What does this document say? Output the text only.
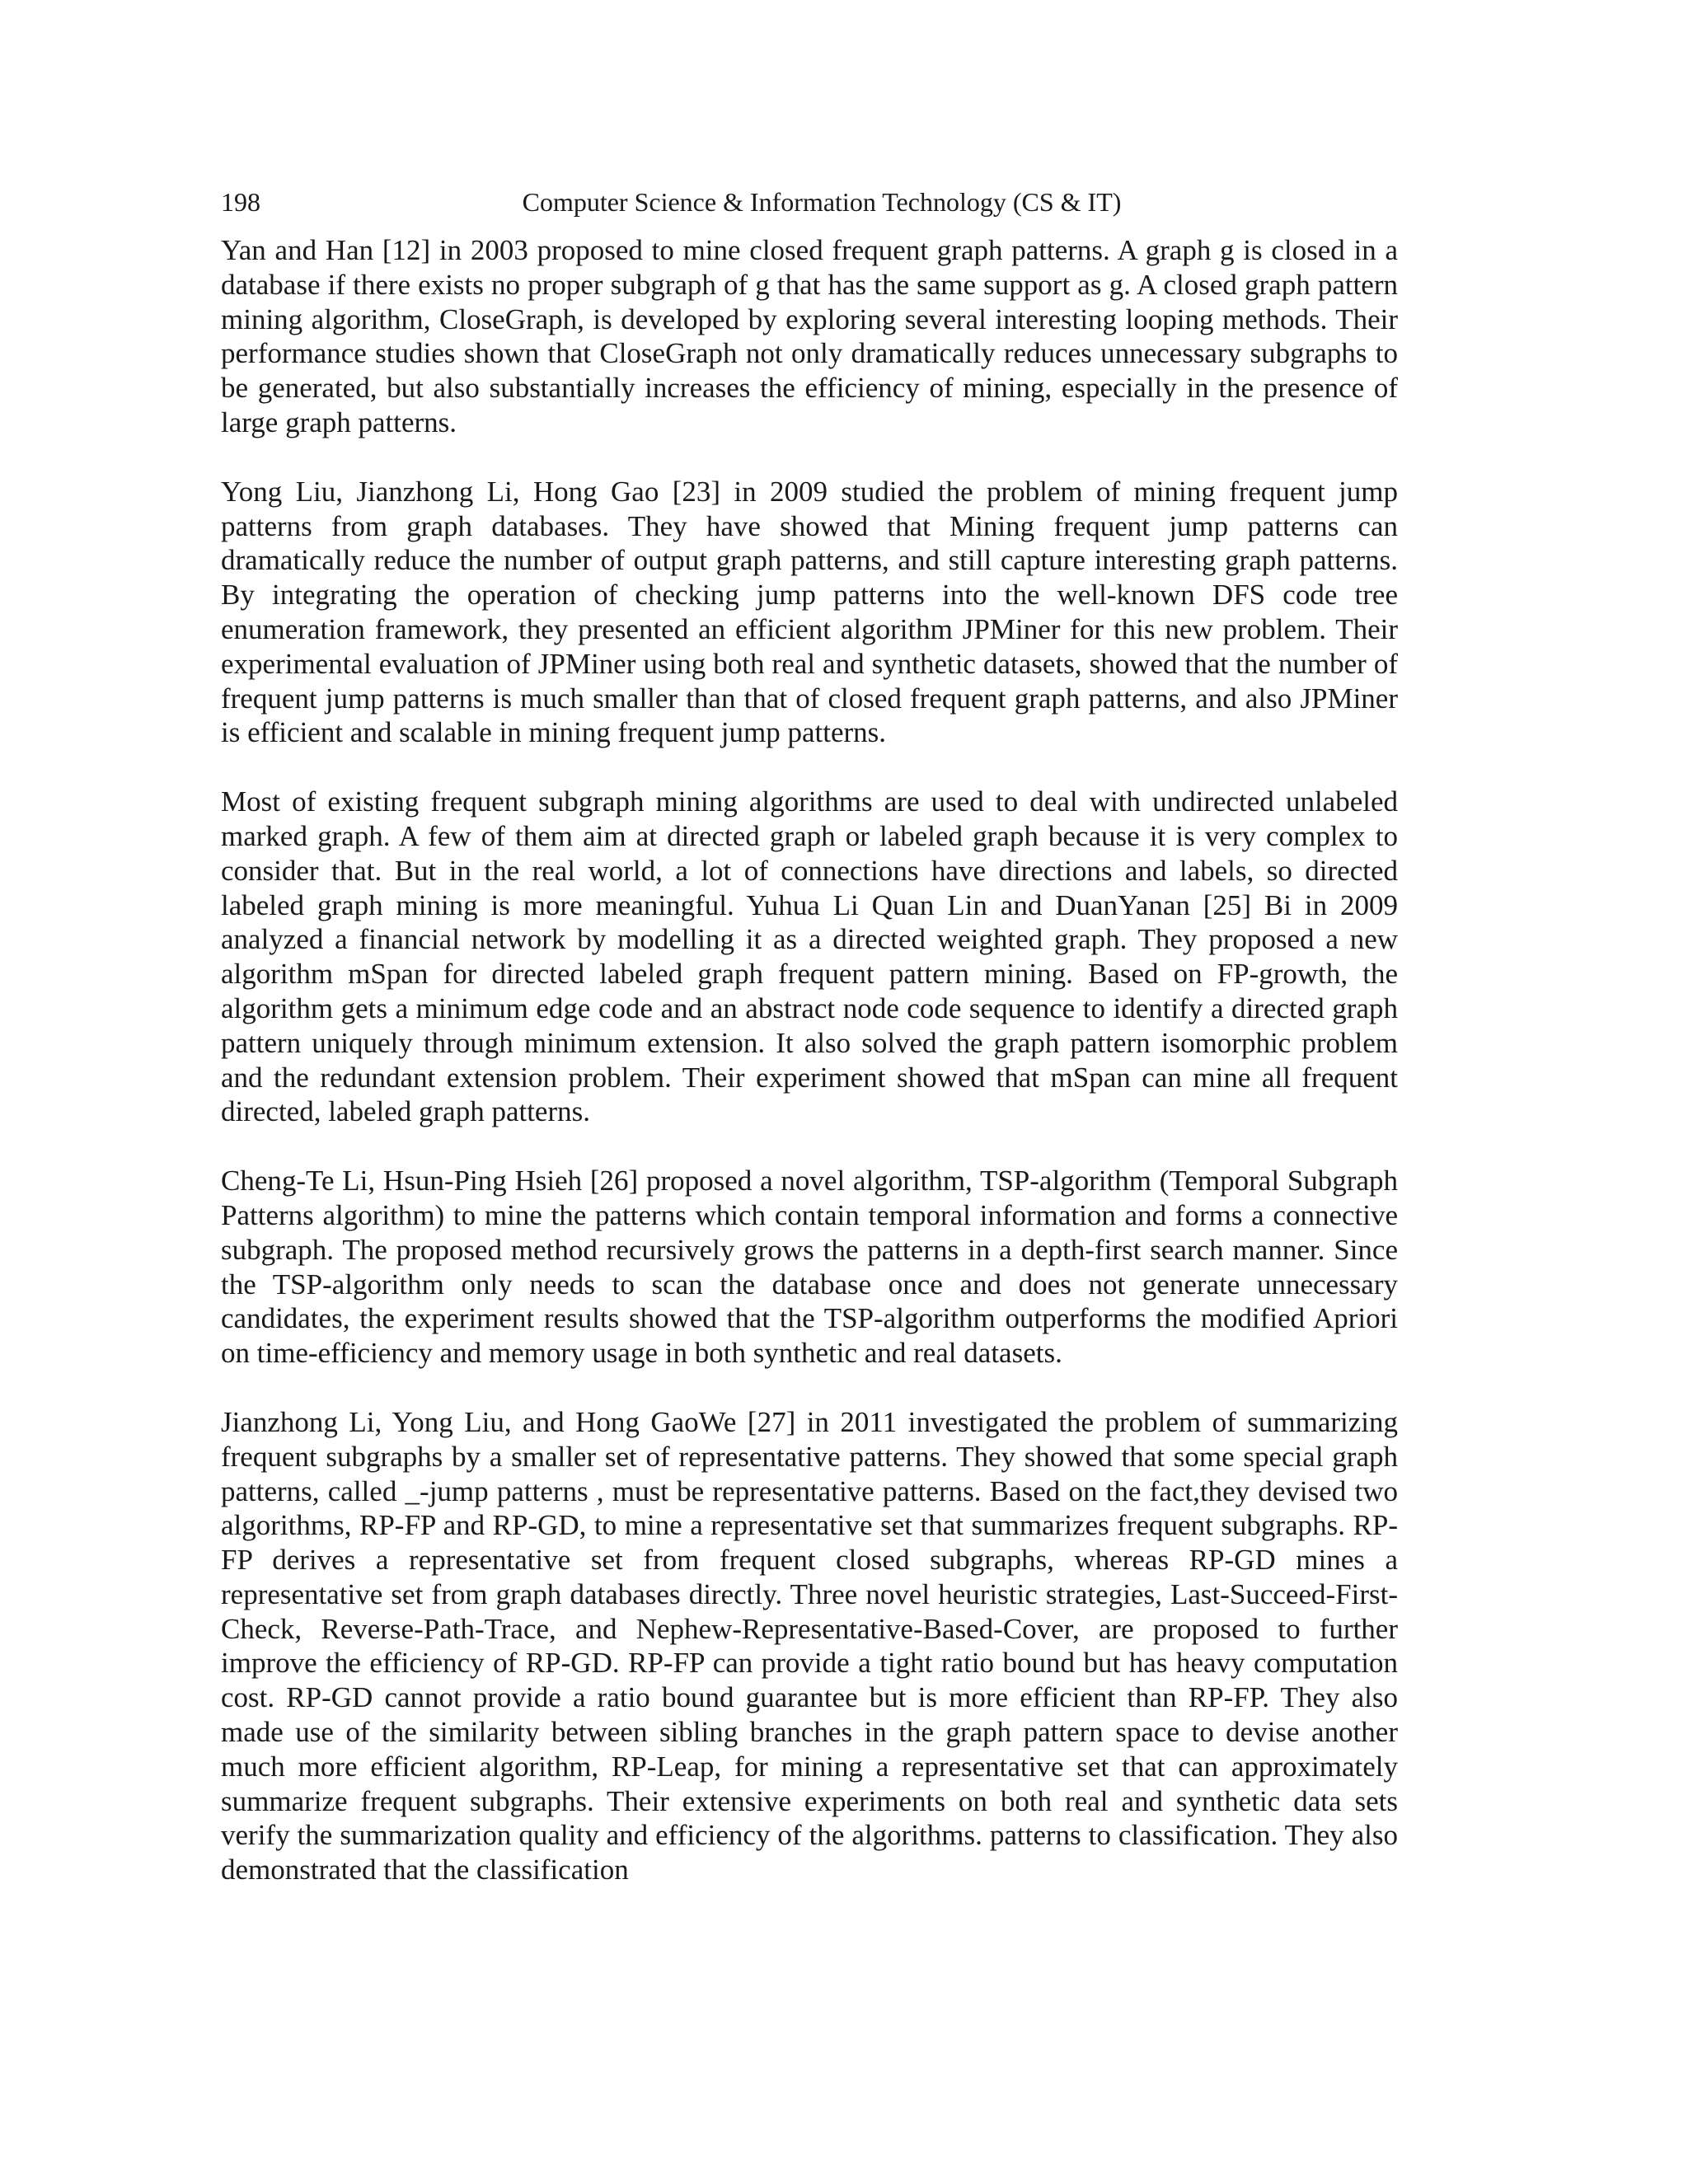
198	Computer Science & Information Technology (CS & IT)

Yan and Han [12] in 2003 proposed to mine closed frequent graph patterns. A graph g is closed in a database if there exists no proper subgraph of g that has the same support as g. A closed graph pattern mining algorithm, CloseGraph, is developed by exploring several interesting looping methods. Their performance studies shown that CloseGraph not only dramatically reduces unnecessary subgraphs to be generated, but also substantially increases the efficiency of mining, especially in the presence of large graph patterns.

Yong Liu, Jianzhong Li, Hong Gao [23] in 2009 studied the problem of mining frequent jump patterns from graph databases. They have showed that Mining frequent jump patterns can dramatically reduce the number of output graph patterns, and still capture interesting graph patterns. By integrating the operation of checking jump patterns into the well-known DFS code tree enumeration framework, they presented an efficient algorithm JPMiner for this new problem. Their experimental evaluation of JPMiner using both real and synthetic datasets, showed that the number of frequent jump patterns is much smaller than that of closed frequent graph patterns, and also JPMiner is efficient and scalable in mining frequent jump patterns.

Most of existing frequent subgraph mining algorithms are used to deal with undirected unlabeled marked graph. A few of them aim at directed graph or labeled graph because it is very complex to consider that. But in the real world, a lot of connections have directions and labels, so directed labeled graph mining is more meaningful. Yuhua Li Quan Lin and DuanYanan [25] Bi in 2009 analyzed a financial network by modelling it as a directed weighted graph. They proposed a new algorithm mSpan for directed labeled graph frequent pattern mining. Based on FP-growth, the algorithm gets a minimum edge code and an abstract node code sequence to identify a directed graph pattern uniquely through minimum extension. It also solved the graph pattern isomorphic problem and the redundant extension problem. Their experiment showed that mSpan can mine all frequent directed, labeled graph patterns.

Cheng-Te Li, Hsun-Ping Hsieh [26] proposed a novel algorithm, TSP-algorithm (Temporal Subgraph Patterns algorithm) to mine the patterns which contain temporal information and forms a connective subgraph. The proposed method recursively grows the patterns in a depth-first search manner. Since the TSP-algorithm only needs to scan the database once and does not generate unnecessary candidates, the experiment results showed that the TSP-algorithm outperforms the modified Apriori on time-efficiency and memory usage in both synthetic and real datasets.

Jianzhong Li, Yong Liu, and Hong GaoWe [27] in 2011 investigated the problem of summarizing frequent subgraphs by a smaller set of representative patterns. They showed that some special graph patterns, called _-jump patterns , must be representative patterns. Based on the fact,they devised two algorithms, RP-FP and RP-GD, to mine a representative set that summarizes frequent subgraphs. RP-FP derives a representative set from frequent closed subgraphs, whereas RP-GD mines a representative set from graph databases directly. Three novel heuristic strategies, Last-Succeed-First-Check, Reverse-Path-Trace, and Nephew-Representative-Based-Cover, are proposed to further improve the efficiency of RP-GD. RP-FP can provide a tight ratio bound but has heavy computation cost. RP-GD cannot provide a ratio bound guarantee but is more efficient than RP-FP. They also made use of the similarity between sibling branches in the graph pattern space to devise another much more efficient algorithm, RP-Leap, for mining a representative set that can approximately summarize frequent subgraphs. Their extensive experiments on both real and synthetic data sets verify the summarization quality and efficiency of the algorithms. patterns to classification. They also demonstrated that the classification
